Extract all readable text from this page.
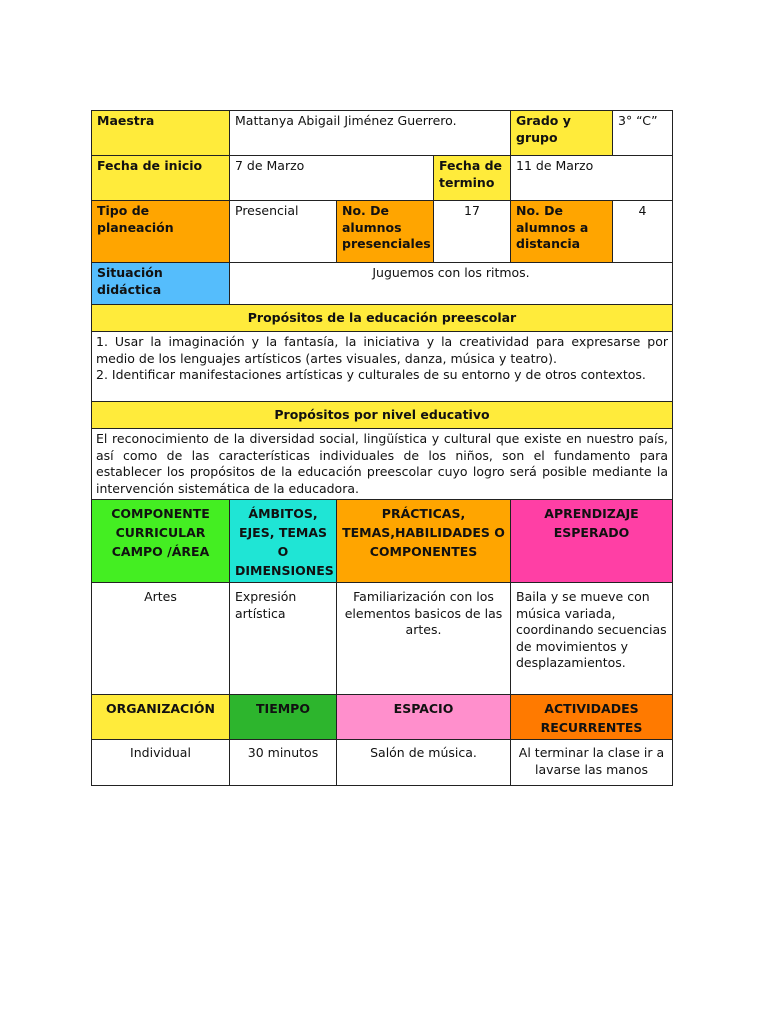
Maestra	Mattanya Abigail Jiménez Guerrero.			Grado y grupo	3° “C”
Fecha de inicio	7 de Marzo		Fecha de termino	11 de Marzo	
Tipo de planeación	Presencial	No. De alumnos presenciales	17	No. De alumnos a distancia	4
Situación didáctica	Juguemos con los ritmos.				
Propósitos de la educación preescolar					

1. Usar la imaginación y la fantasía, la iniciativa y la creatividad para expresarse por medio de los lenguajes artísticos (artes visuales, danza, música y teatro).
2. Identificar manifestaciones artísticas y culturales de su entorno y de otros contextos.					

Propósitos por nivel educativo					
El reconocimiento de la diversidad social, lingüística y cultural que existe en nuestro país, así como de las características individuales de los niños, son el fundamento para establecer los propósitos de la educación preescolar cuyo logro será posible mediante la intervención sistemática de la educadora.					
COMPONENTE CURRICULAR CAMPO /ÁREA	ÁMBITOS, EJES, TEMAS O DIMENSIONES	PRÁCTICAS, TEMAS,HABILIDADES O COMPONENTES		APRENDIZAJE ESPERADO	
Artes	Expresión artística	Familiarización con los elementos basicos de las artes.		Baila y se mueve con música variada, coordinando secuencias de movimientos y desplazamientos.	
ORGANIZACIÓN	TIEMPO	ESPACIO		ACTIVIDADES RECURRENTES	
Individual	30 minutos	Salón de música.		Al terminar la clase ir a lavarse las manos	
